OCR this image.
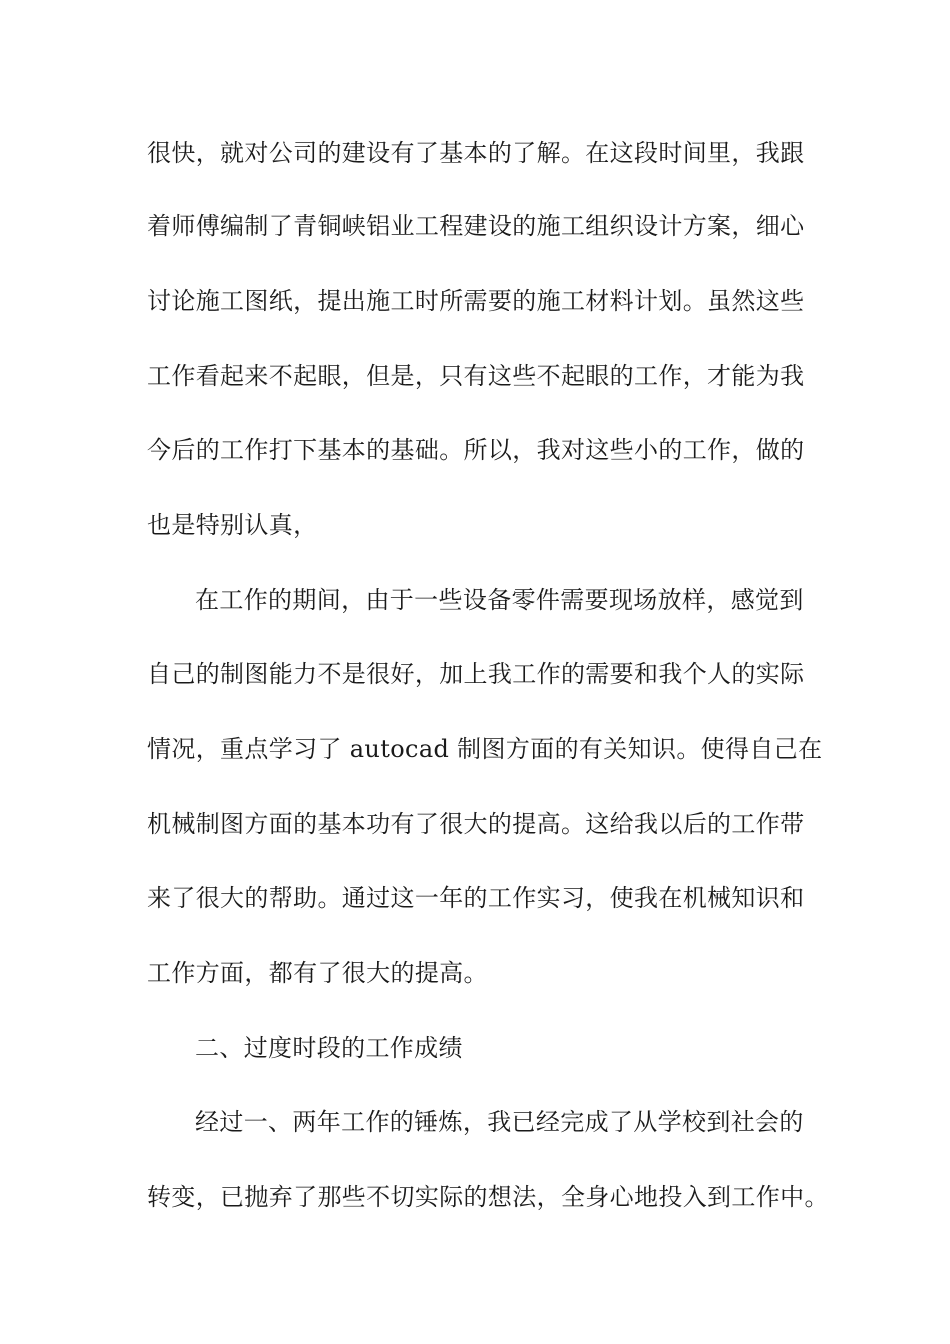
很快，就对公司的建设有了基本的了解。在这段时间里，我跟
着师傅编制了青铜峡铝业工程建设的施工组织设计方案，细心
讨论施工图纸，提出施工时所需要的施工材料计划。虽然这些
工作看起来不起眼，但是，只有这些不起眼的工作，才能为我
今后的工作打下基本的基础。所以，我对这些小的工作，做的
也是特别认真，
在工作的期间，由于一些设备零件需要现场放样，感觉到
自己的制图能力不是很好，加上我工作的需要和我个人的实际
情况，重点学习了 autocad 制图方面的有关知识。使得自己在
机械制图方面的基本功有了很大的提高。这给我以后的工作带
来了很大的帮助。通过这一年的工作实习，使我在机械知识和
工作方面，都有了很大的提高。
二、过度时段的工作成绩
经过一、两年工作的锤炼，我已经完成了从学校到社会的
转变，已抛弃了那些不切实际的想法，全身心地投入到工作中。
